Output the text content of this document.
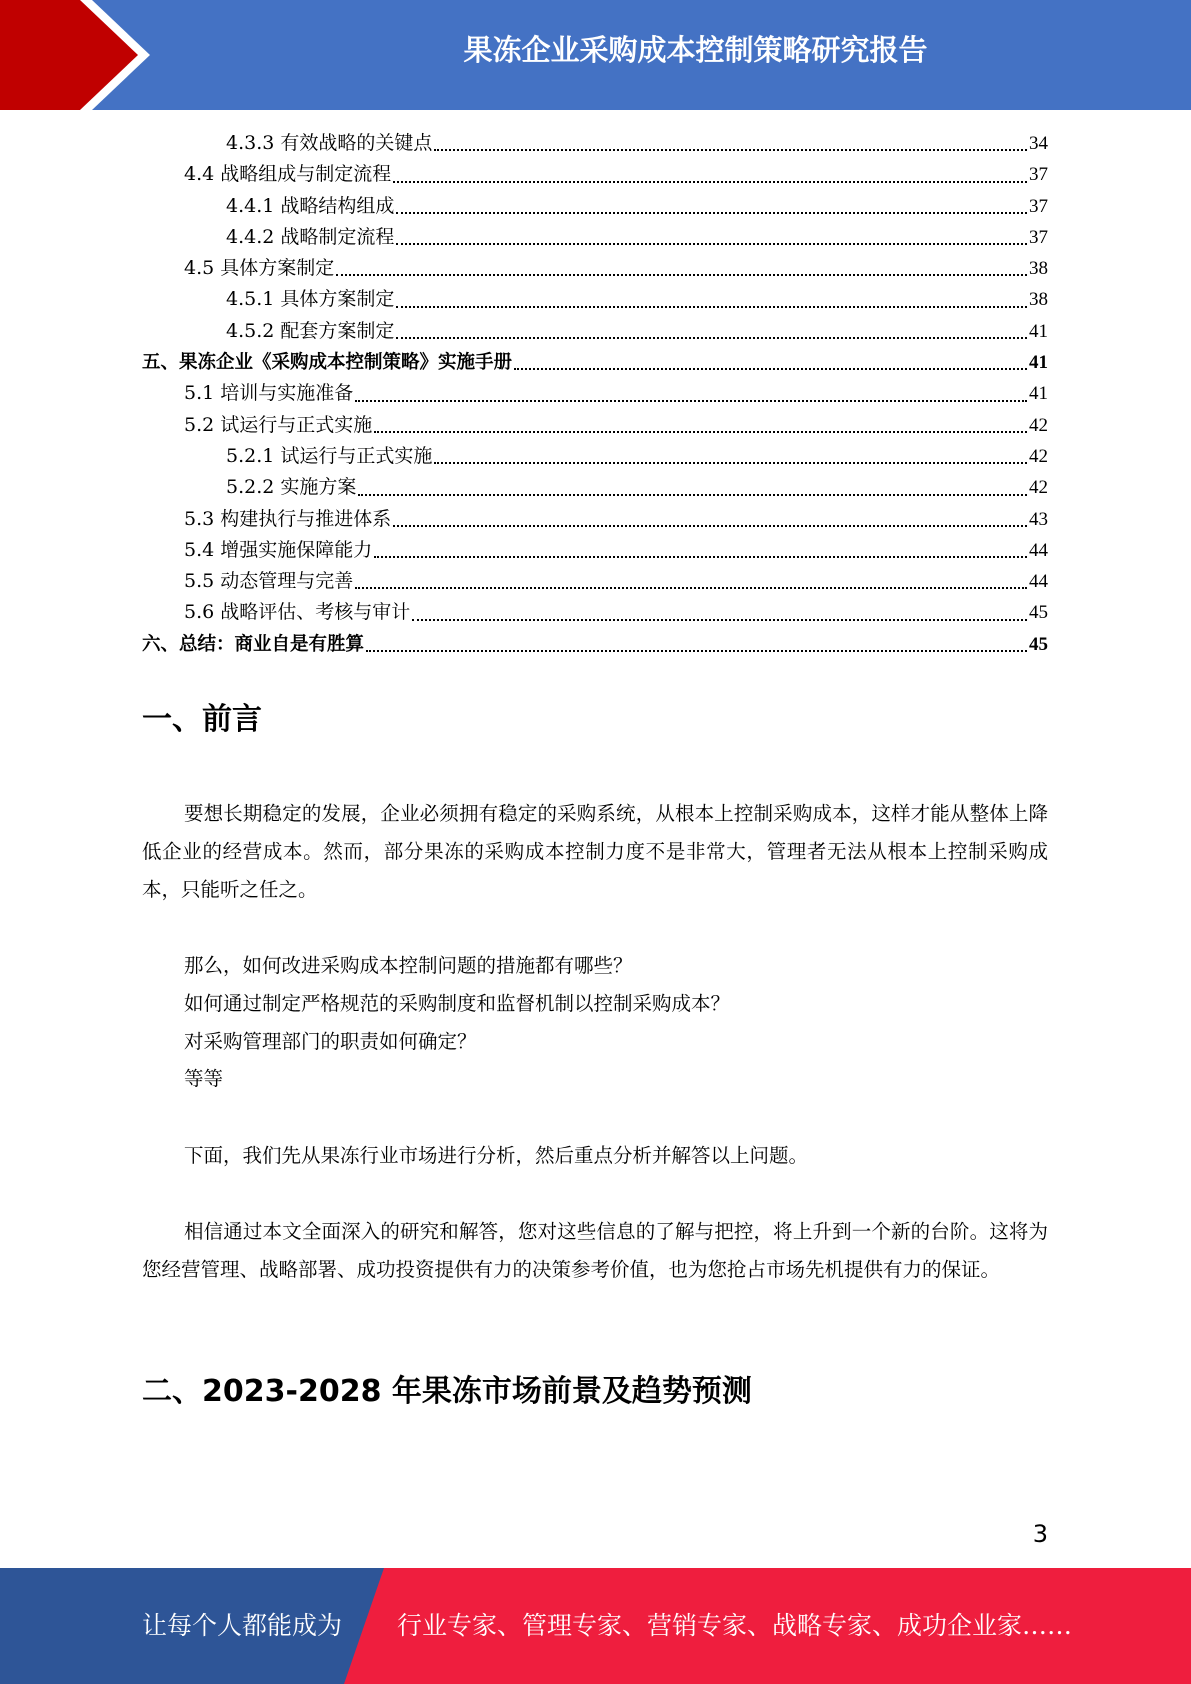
果冻企业采购成本控制策略研究报告
4.3.3 有效战略的关键点	34
4.4 战略组成与制定流程	37
4.4.1 战略结构组成	37
4.4.2 战略制定流程	37
4.5 具体方案制定	38
4.5.1 具体方案制定	38
4.5.2 配套方案制定	41
五、果冻企业《采购成本控制策略》实施手册	41
5.1 培训与实施准备	41
5.2 试运行与正式实施	42
5.2.1 试运行与正式实施	42
5.2.2 实施方案	42
5.3 构建执行与推进体系	43
5.4 增强实施保障能力	44
5.5 动态管理与完善	44
5.6 战略评估、考核与审计	45
六、总结：商业自是有胜算	45
一、前言
要想长期稳定的发展，企业必须拥有稳定的采购系统，从根本上控制采购成本，这样才能从整体上降低企业的经营成本。然而，部分果冻的采购成本控制力度不是非常大，管理者无法从根本上控制采购成本，只能听之任之。
那么，如何改进采购成本控制问题的措施都有哪些？
如何通过制定严格规范的采购制度和监督机制以控制采购成本？
对采购管理部门的职责如何确定？
等等
下面，我们先从果冻行业市场进行分析，然后重点分析并解答以上问题。
相信通过本文全面深入的研究和解答，您对这些信息的了解与把控，将上升到一个新的台阶。这将为您经营管理、战略部署、成功投资提供有力的决策参考价值，也为您抢占市场先机提供有力的保证。
二、2023-2028 年果冻市场前景及趋势预测
3
让每个人都能成为 行业专家、管理专家、营销专家、战略专家、成功企业家……
